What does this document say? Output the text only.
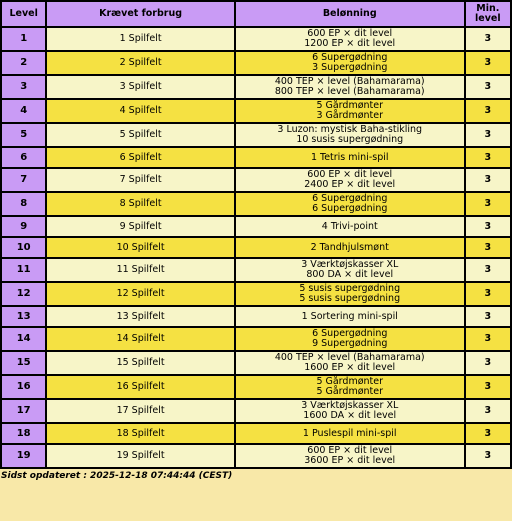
Level	Krævet forbrug	Belønning	Min.
level
1	1 Spilfelt	600 EP × dit level
1200 EP × dit level	3
2	2 Spilfelt	6 Supergødning
3 Supergødning	3
3	3 Spilfelt	400 TEP × level (Bahamarama)
800 TEP × level (Bahamarama)	3
4	4 Spilfelt	5 Gårdmønter
3 Gårdmønter	3
5	5 Spilfelt	3 Luzon: mystisk Baha-stikling
10 susis supergødning	3
6	6 Spilfelt	1 Tetris mini-spil	3
7	7 Spilfelt	600 EP × dit level
2400 EP × dit level	3
8	8 Spilfelt	6 Supergødning
6 Supergødning	3
9	9 Spilfelt	4 Trivi-point	3
10	10 Spilfelt	2 Tandhjulsmønt	3
11	11 Spilfelt	3 Værktøjskasser XL
800 DA × dit level	3
12	12 Spilfelt	5 susis supergødning
5 susis supergødning	3
13	13 Spilfelt	1 Sortering mini-spil	3
14	14 Spilfelt	6 Supergødning
9 Supergødning	3
15	15 Spilfelt	400 TEP × level (Bahamarama)
1600 EP × dit level	3
16	16 Spilfelt	5 Gårdmønter
5 Gårdmønter	3
17	17 Spilfelt	3 Værktøjskasser XL
1600 DA × dit level	3
18	18 Spilfelt	1 Puslespil mini-spil	3
19	19 Spilfelt	600 EP × dit level
3600 EP × dit level	3
Sidst opdateret : 2025-12-18 07:44:44 (CEST)
